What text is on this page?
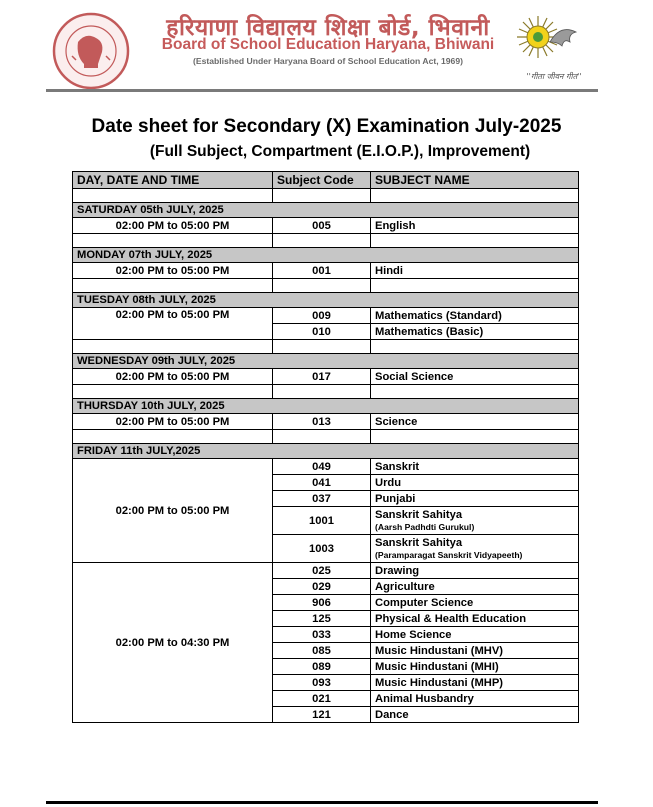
हरियाणा विद्यालय शिक्षा बोर्ड, भिवानी
Board of School Education Haryana, Bhiwani
(Established Under Haryana Board of School Education Act, 1969)
''गीता जीवन गीत''
Date sheet for Secondary (X) Examination July-2025
(Full Subject, Compartment (E.I.O.P.), Improvement)
DAY, DATE AND TIME	Subject Code	SUBJECT NAME

SATURDAY 05th JULY, 2025		
02:00 PM to 05:00 PM	005	English

MONDAY 07th JULY, 2025		
02:00 PM to 05:00 PM	001	Hindi

TUESDAY 08th JULY, 2025		
02:00 PM to 05:00 PM	009	Mathematics (Standard)
	010	Mathematics (Basic)

WEDNESDAY 09th JULY, 2025		
02:00 PM to 05:00 PM	017	Social Science

THURSDAY 10th JULY, 2025		
02:00 PM to 05:00 PM	013	Science

FRIDAY 11th JULY,2025		
02:00 PM to 05:00 PM	049	Sanskrit
	041	Urdu
	037	Punjabi
	1001	Sanskrit Sahitya
(Aarsh Padhdti Gurukul)

	1003	Sanskrit Sahitya
(Paramparagat Sanskrit Vidyapeeth)

02:00 PM to 04:30 PM	025	Drawing
	029	Agriculture
	906	Computer Science
	125	Physical & Health Education
	033	Home Science
	085	Music Hindustani (MHV)
	089	Music Hindustani (MHI)
	093	Music Hindustani (MHP)
	021	Animal Husbandry
	121	Dance
